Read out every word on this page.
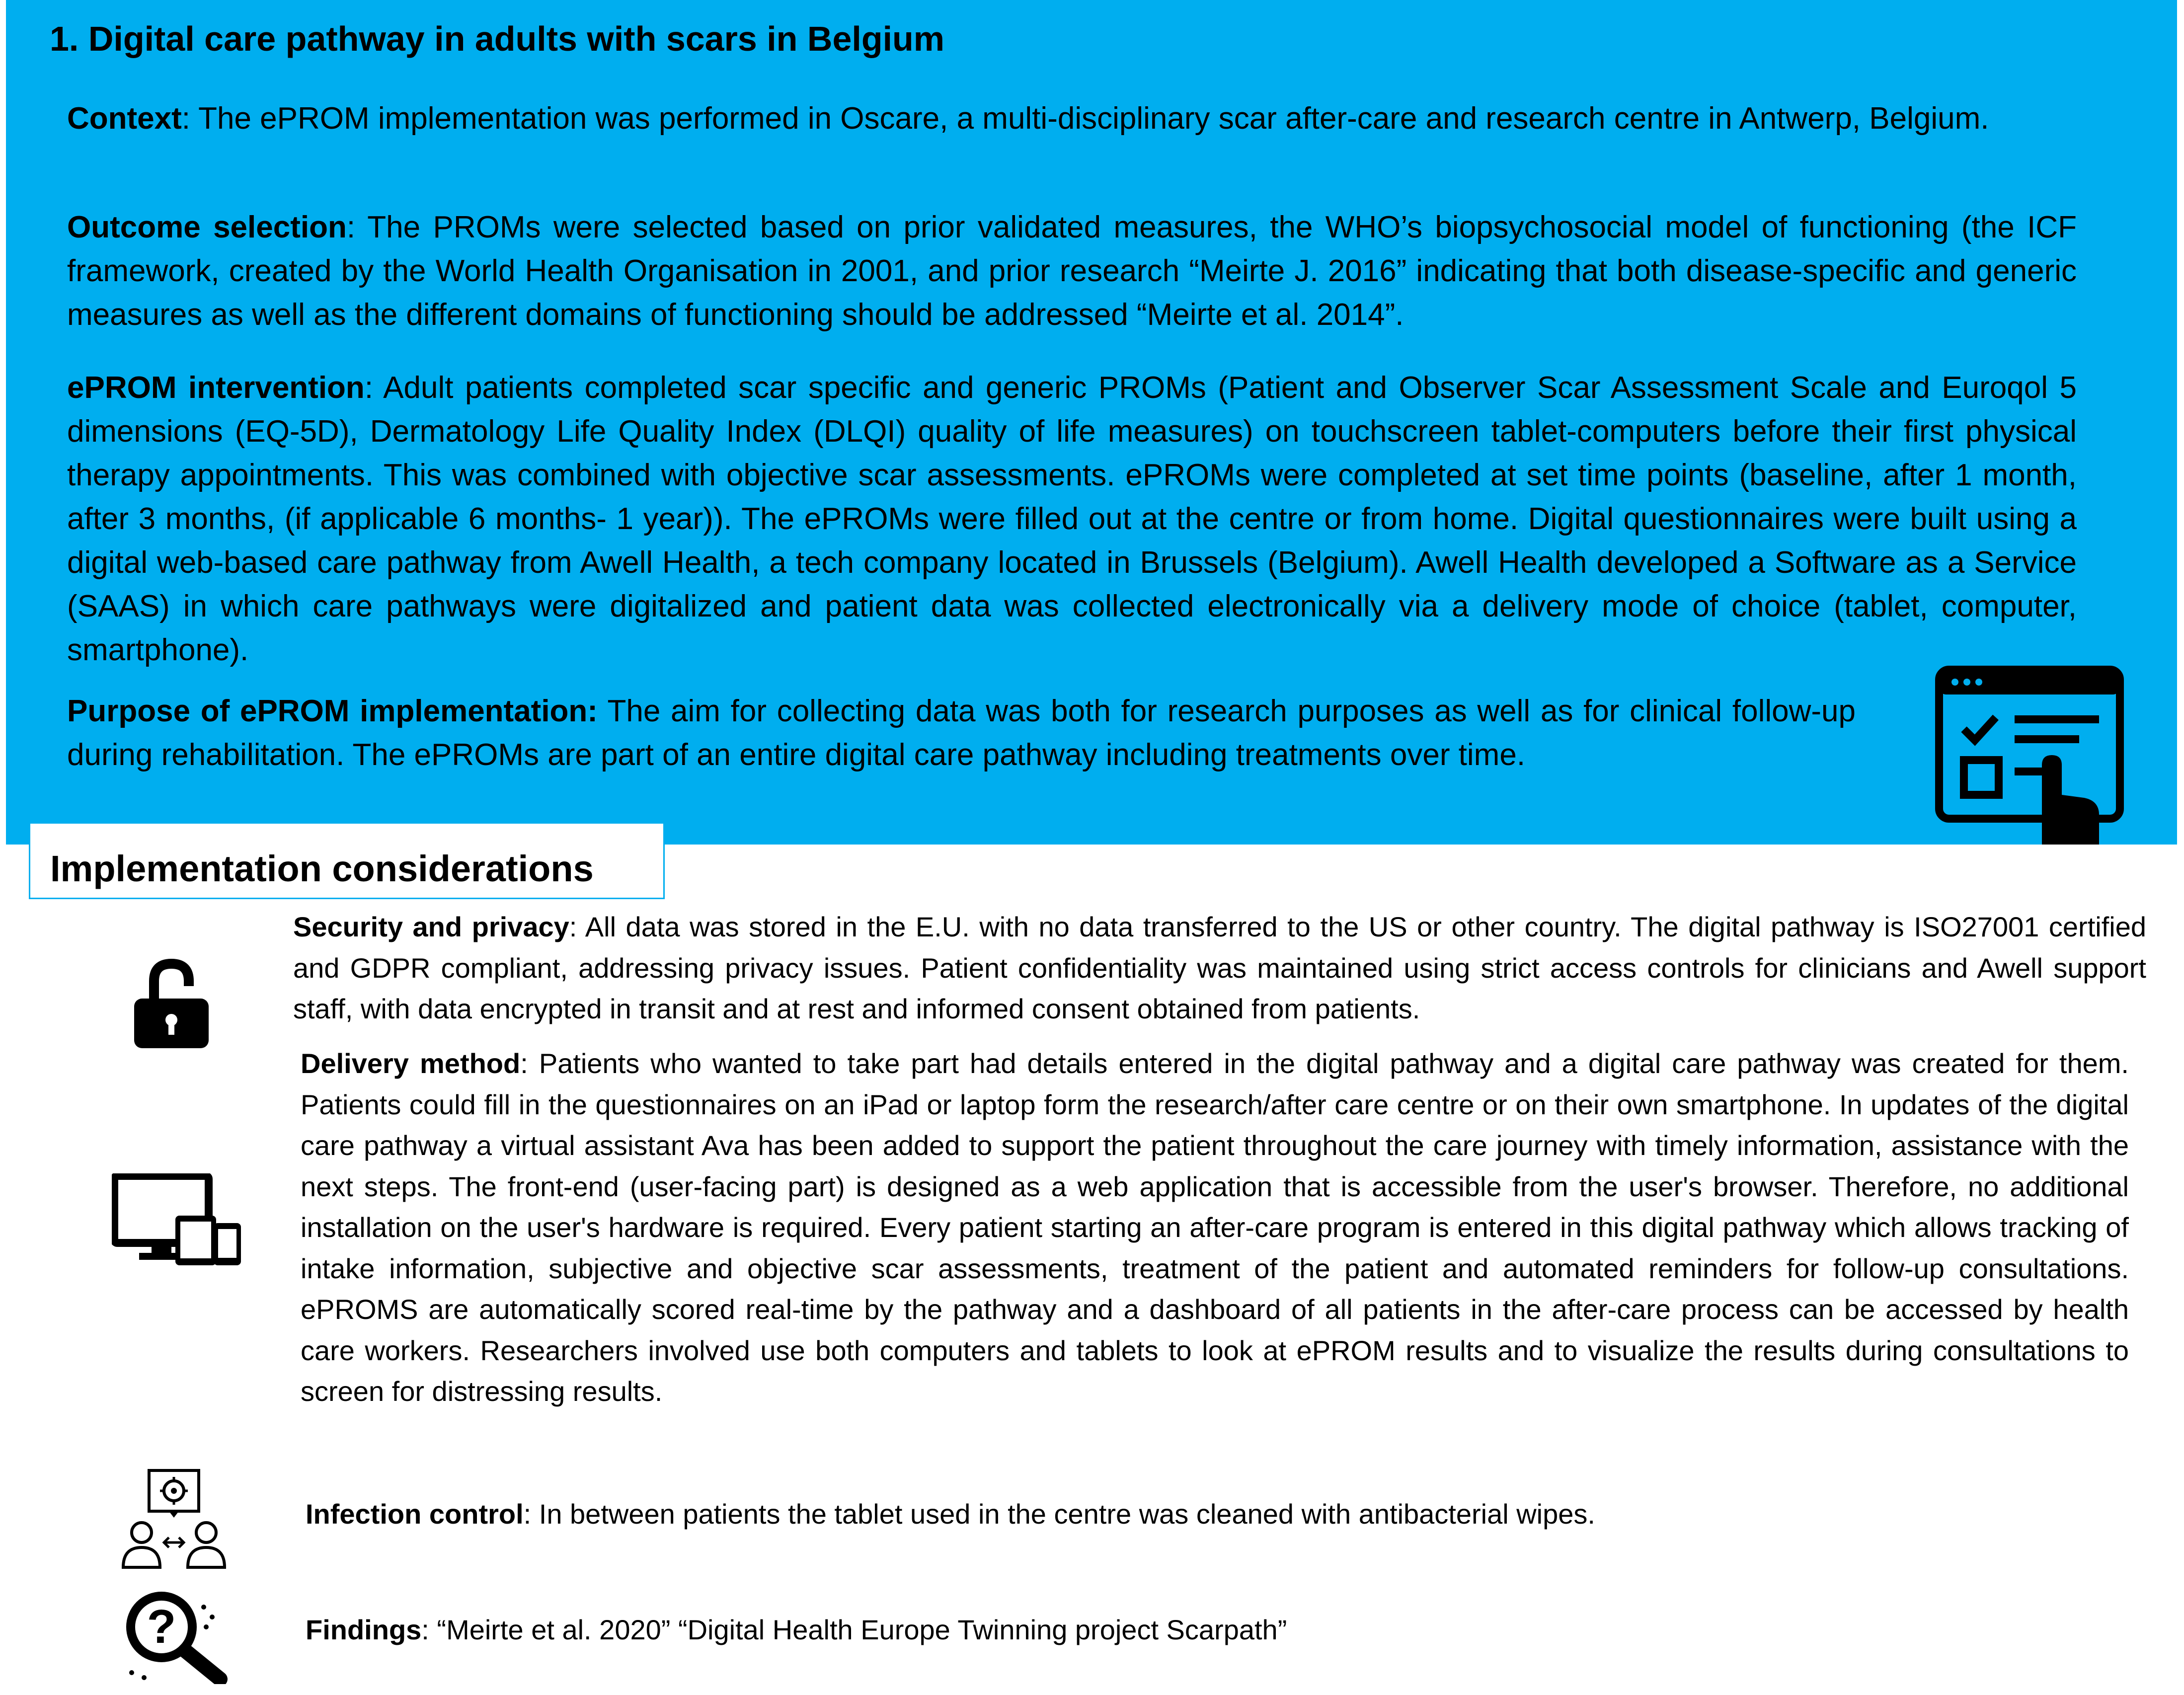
1. Digital care pathway in adults with scars in Belgium

Context: The ePROM implementation was performed in Oscare, a multi-disciplinary scar after-care and research centre in Antwerp, Belgium.

Outcome selection: The PROMs were selected based on prior validated measures, the WHO’s biopsychosocial model of functioning (the ICF framework, created by the World Health Organisation in 2001, and prior research “Meirte J. 2016” indicating that both disease-specific and generic measures as well as the different domains of functioning should be addressed “Meirte et al. 2014”.

ePROM intervention: Adult patients completed scar specific and generic PROMs (Patient and Observer Scar Assessment Scale and Euroqol 5 dimensions (EQ-5D), Dermatology Life Quality Index (DLQI) quality of life measures) on touchscreen tablet-computers before their first physical therapy appointments. This was combined with objective scar assessments. ePROMs were completed at set time points (baseline, after 1 month, after 3 months, (if applicable 6 months- 1 year)). The ePROMs were filled out at the centre or from home. Digital questionnaires were built using a digital web-based care pathway from Awell Health, a tech company located in Brussels (Belgium). Awell Health developed a Software as a Service (SAAS) in which care pathways were digitalized and patient data was collected electronically via a delivery mode of choice (tablet, computer, smartphone).

Purpose of ePROM implementation: The aim for collecting data was both for research purposes as well as for clinical follow-up during rehabilitation. The ePROMs are part of an entire digital care pathway including treatments over time.

Implementation considerations

Security and privacy: All data was stored in the E.U. with no data transferred to the US or other country. The digital pathway is ISO27001 certified and GDPR compliant, addressing privacy issues. Patient confidentiality was maintained using strict access controls for clinicians and Awell support staff, with data encrypted in transit and at rest and informed consent obtained from patients.

Delivery method: Patients who wanted to take part had details entered in the digital pathway and a digital care pathway was created for them. Patients could fill in the questionnaires on an iPad or laptop form the research/after care centre or on their own smartphone. In updates of the digital care pathway a virtual assistant Ava has been added to support the patient throughout the care journey with timely information, assistance with the next steps. The front-end (user-facing part) is designed as a web application that is accessible from the user's browser. Therefore, no additional installation on the user's hardware is required. Every patient starting an after-care program is entered in this digital pathway which allows tracking of intake information, subjective and objective scar assessments, treatment of the patient and automated reminders for follow-up consultations. ePROMS are automatically scored real-time by the pathway and a dashboard of all patients in the after-care process can be accessed by health care workers. Researchers involved use both computers and tablets to look at ePROM results and to visualize the results during consultations to screen for distressing results.

Infection control: In between patients the tablet used in the centre was cleaned with antibacterial wipes.

?	Findings: “Meirte et al. 2020” “Digital Health Europe Twinning project Scarpath”
